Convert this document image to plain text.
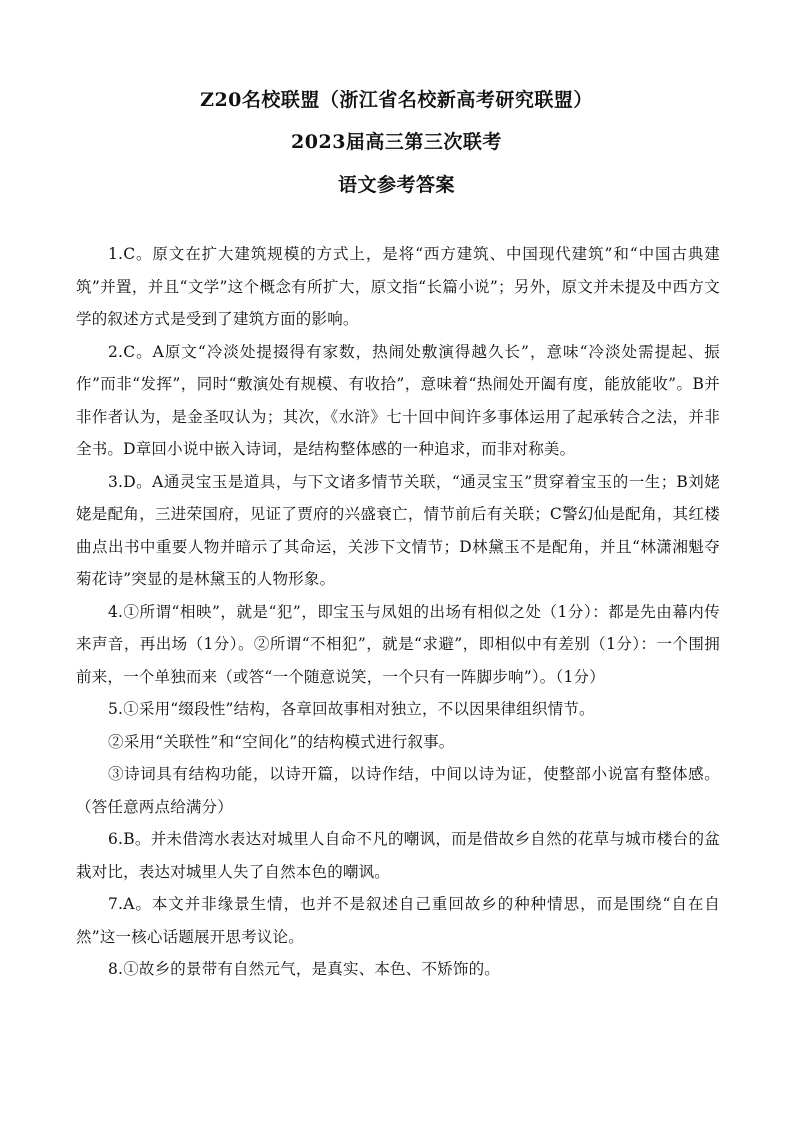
Z20名校联盟（浙江省名校新高考研究联盟）
2023届高三第三次联考
语文参考答案

1.C。原文在扩大建筑规模的方式上，是将“西方建筑、中国现代建筑”和“中国古典建筑”并置，并且“文学”这个概念有所扩大，原文指“长篇小说”；另外，原文并未提及中西方文学的叙述方式是受到了建筑方面的影响。

2.C。A原文“冷淡处提掇得有家数，热闹处敷演得越久长”，意味“冷淡处需提起、振作”而非“发挥”，同时“敷演处有规模、有收拾”，意味着“热闹处开阖有度，能放能收”。B并非作者认为，是金圣叹认为；其次，《水浒》七十回中间许多事体运用了起承转合之法，并非全书。D章回小说中嵌入诗词，是结构整体感的一种追求，而非对称美。

3.D。A通灵宝玉是道具，与下文诸多情节关联，“通灵宝玉”贯穿着宝玉的一生；B刘姥姥是配角，三进荣国府，见证了贾府的兴盛衰亡，情节前后有关联；C警幻仙是配角，其红楼曲点出书中重要人物并暗示了其命运，关涉下文情节；D林黛玉不是配角，并且“林潇湘魁夺菊花诗”突显的是林黛玉的人物形象。

4.①所谓“相映”，就是“犯”，即宝玉与凤姐的出场有相似之处（1分）：都是先由幕内传来声音，再出场（1分）。②所谓“不相犯”，就是“求避”，即相似中有差别（1分）：一个围拥前来，一个单独而来（或答“一个随意说笑，一个只有一阵脚步响”）。（1分）

5.①采用“缀段性”结构，各章回故事相对独立，不以因果律组织情节。

②采用“关联性”和“空间化”的结构模式进行叙事。

③诗词具有结构功能，以诗开篇，以诗作结，中间以诗为证，使整部小说富有整体感。（答任意两点给满分）

6.B。并未借湾水表达对城里人自命不凡的嘲讽，而是借故乡自然的花草与城市楼台的盆栽对比，表达对城里人失了自然本色的嘲讽。

7.A。本文并非缘景生情，也并不是叙述自己重回故乡的种种情思，而是围绕“自在自然”这一核心话题展开思考议论。

8.①故乡的景带有自然元气，是真实、本色、不矫饰的。
